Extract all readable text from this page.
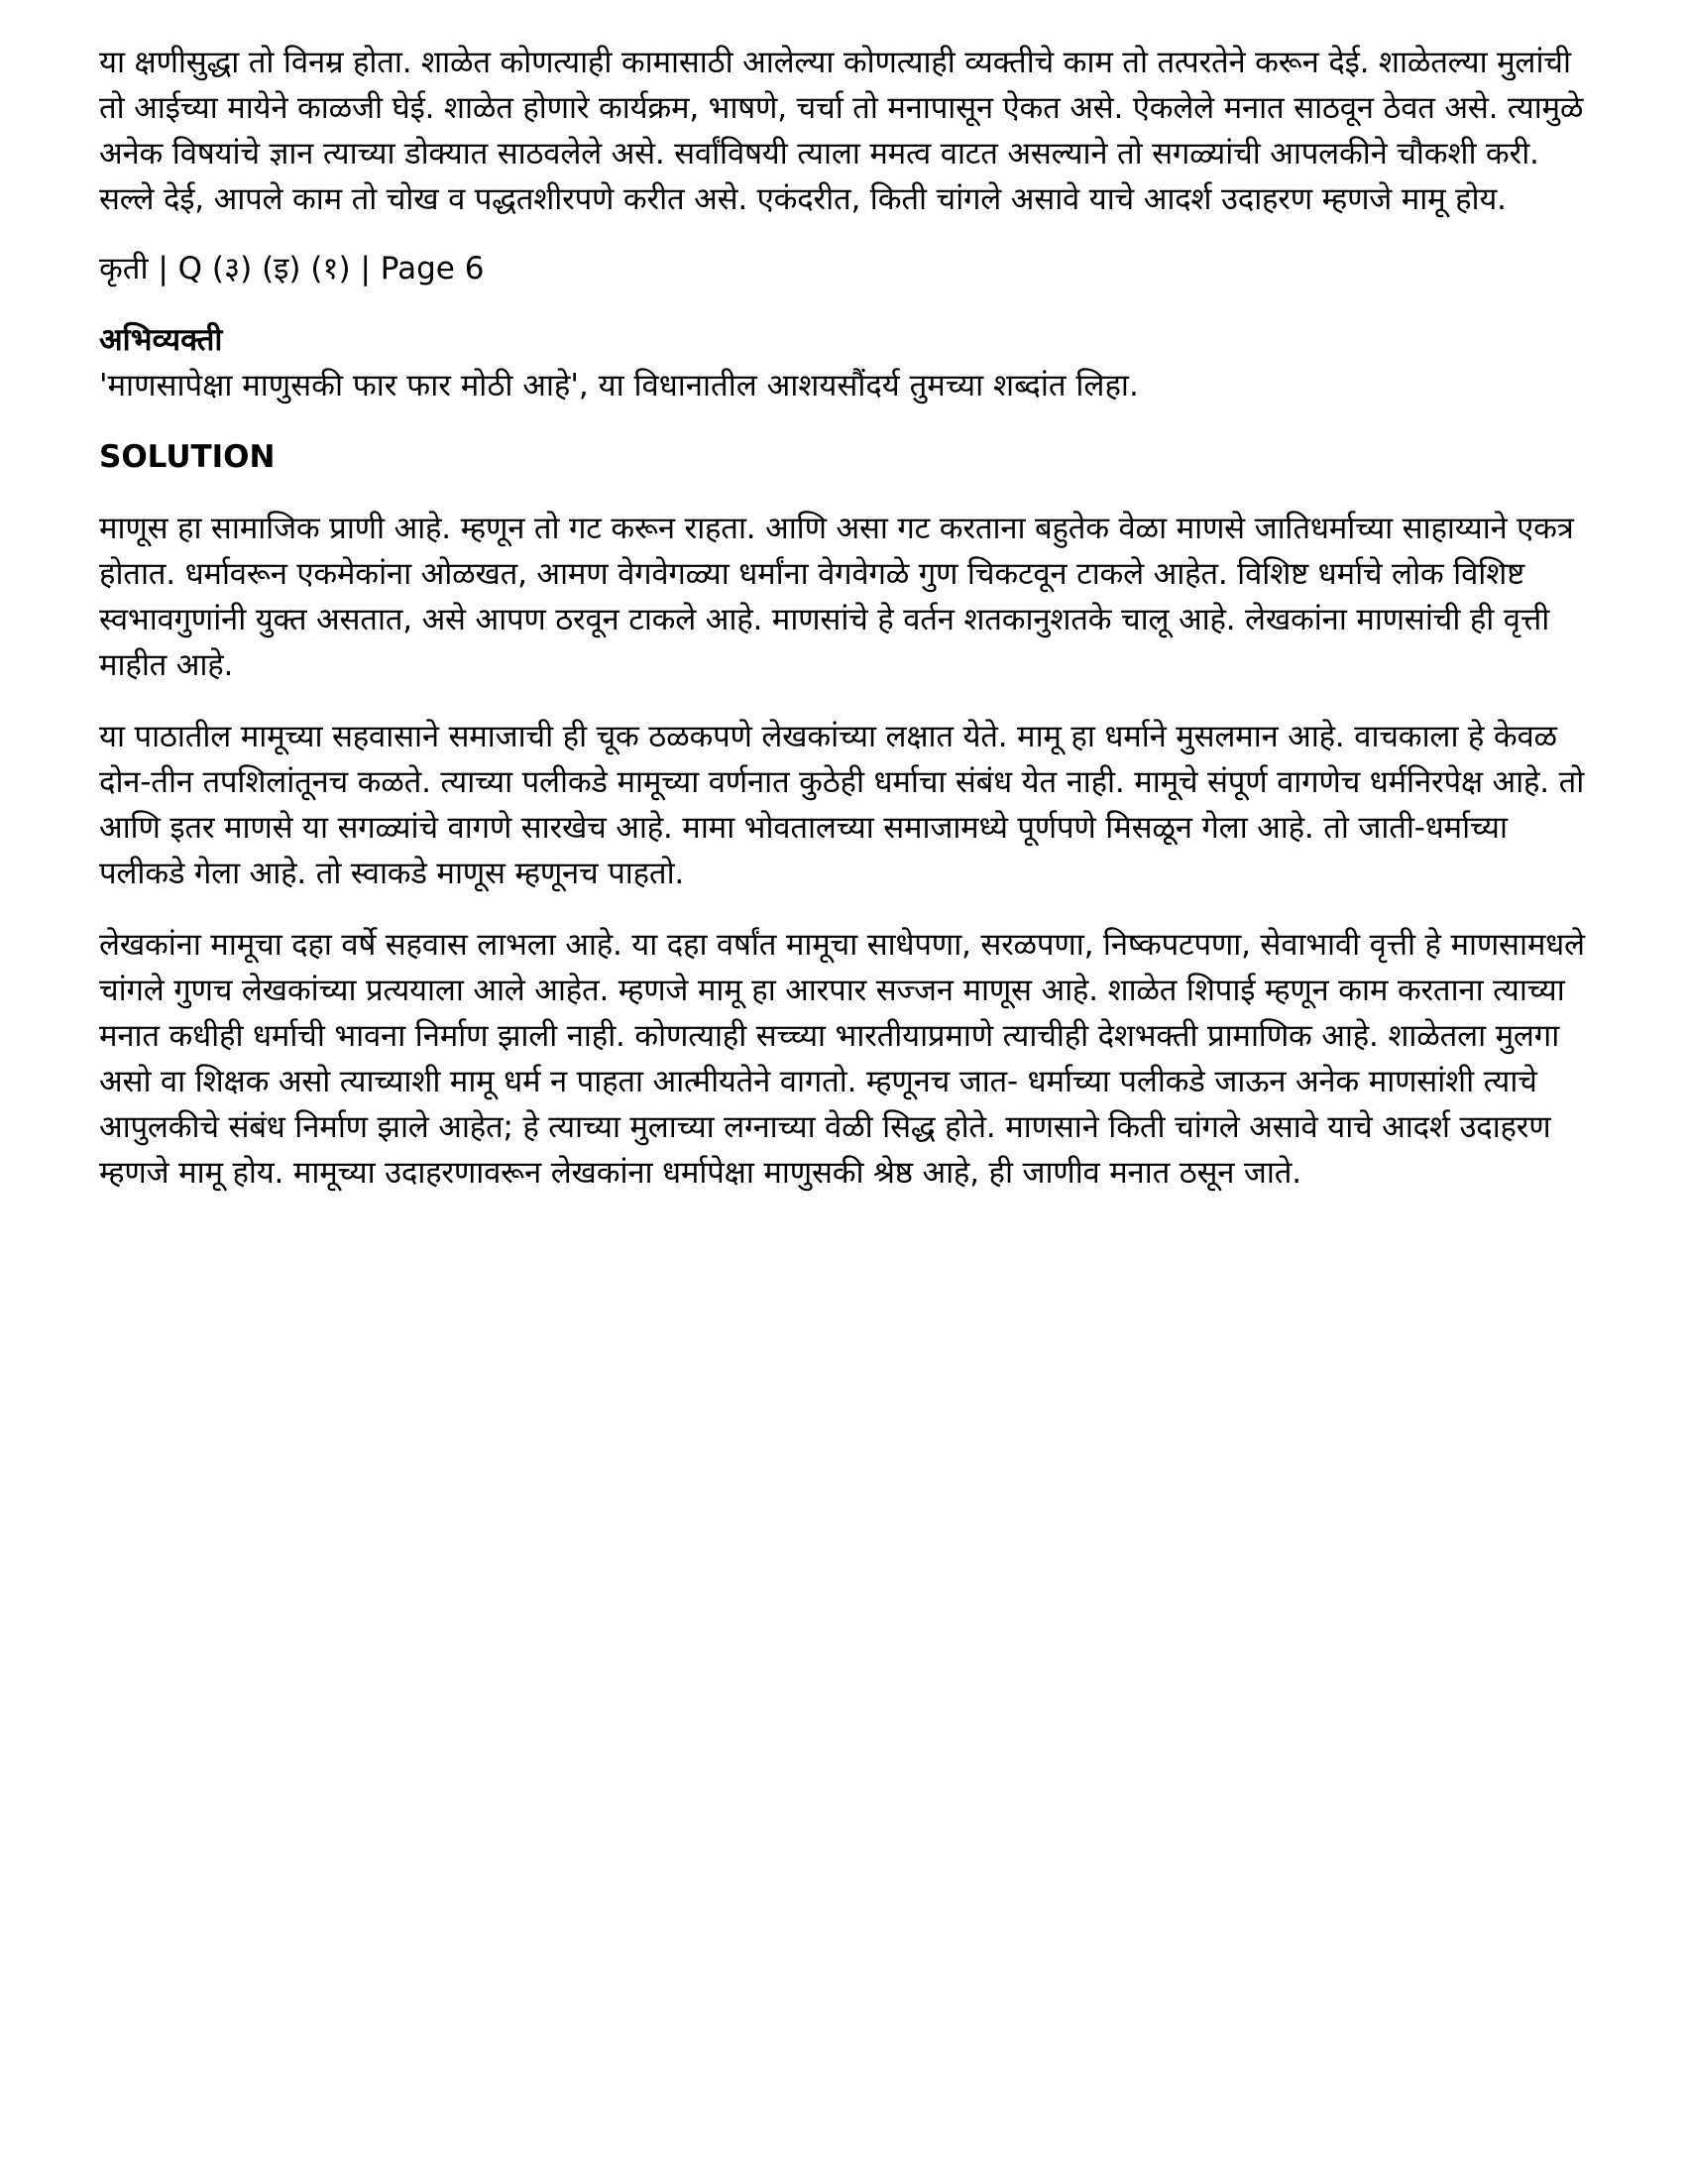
या क्षणीसुद्धा तो विनम्र होता. शाळेत कोणत्याही कामासाठी आलेल्या कोणत्याही व्यक्तीचे काम तो तत्परतेने करून देई. शाळेतल्या मुलांची तो आईच्या मायेने काळजी घेई. शाळेत होणारे कार्यक्रम, भाषणे, चर्चा तो मनापासून ऐकत असे. ऐकलेले मनात साठवून ठेवत असे. त्यामुळे अनेक विषयांचे ज्ञान त्याच्या डोक्यात साठवलेले असे. सर्वांविषयी त्याला ममत्व वाटत असल्याने तो सगळ्यांची आपलकीने चौकशी करी. सल्ले देई, आपले काम तो चोख व पद्धतशीरपणे करीत असे. एकंदरीत, किती चांगले असावे याचे आदर्श उदाहरण म्हणजे मामू होय.

कृती | Q (३) (इ) (१) | Page 6

अभिव्यक्ती

'माणसापेक्षा माणुसकी फार फार मोठी आहे', या विधानातील आशयसौंदर्य तुमच्या शब्दांत लिहा.

SOLUTION

माणूस हा सामाजिक प्राणी आहे. म्हणून तो गट करून राहता. आणि असा गट करताना बहुतेक वेळा माणसे जातिधर्माच्या साहाय्याने एकत्र होतात. धर्मावरून एकमेकांना ओळखत, आमण वेगवेगळ्या धर्मांना वेगवेगळे गुण चिकटवून टाकले आहेत. विशिष्ट धर्माचे लोक विशिष्ट स्वभावगुणांनी युक्त असतात, असे आपण ठरवून टाकले आहे. माणसांचे हे वर्तन शतकानुशतके चालू आहे. लेखकांना माणसांची ही वृत्ती माहीत आहे.

या पाठातील मामूच्या सहवासाने समाजाची ही चूक ठळकपणे लेखकांच्या लक्षात येते. मामू हा धर्माने मुसलमान आहे. वाचकाला हे केवळ दोन-तीन तपशिलांतूनच कळते. त्याच्या पलीकडे मामूच्या वर्णनात कुठेही धर्माचा संबंध येत नाही. मामूचे संपूर्ण वागणेच धर्मनिरपेक्ष आहे. तो आणि इतर माणसे या सगळ्यांचे वागणे सारखेच आहे. मामा भोवतालच्या समाजामध्ये पूर्णपणे मिसळून गेला आहे. तो जाती-धर्माच्या पलीकडे गेला आहे. तो स्वाकडे माणूस म्हणूनच पाहतो.

लेखकांना मामूचा दहा वर्षे सहवास लाभला आहे. या दहा वर्षांत मामूचा साधेपणा, सरळपणा, निष्कपटपणा, सेवाभावी वृत्ती हे माणसामधले चांगले गुणच लेखकांच्या प्रत्ययाला आले आहेत. म्हणजे मामू हा आरपार सज्जन माणूस आहे. शाळेत शिपाई म्हणून काम करताना त्याच्या मनात कधीही धर्माची भावना निर्माण झाली नाही. कोणत्याही सच्च्या भारतीयाप्रमाणे त्याचीही देशभक्ती प्रामाणिक आहे. शाळेतला मुलगा असो वा शिक्षक असो त्याच्याशी मामू धर्म न पाहता आत्मीयतेने वागतो. म्हणूनच जात- धर्माच्या पलीकडे जाऊन अनेक माणसांशी त्याचे आपुलकीचे संबंध निर्माण झाले आहेत; हे त्याच्या मुलाच्या लग्नाच्या वेळी सिद्ध होते. माणसाने किती चांगले असावे याचे आदर्श उदाहरण म्हणजे मामू होय. मामूच्या उदाहरणावरून लेखकांना धर्मापेक्षा माणुसकी श्रेष्ठ आहे, ही जाणीव मनात ठसून जाते.
